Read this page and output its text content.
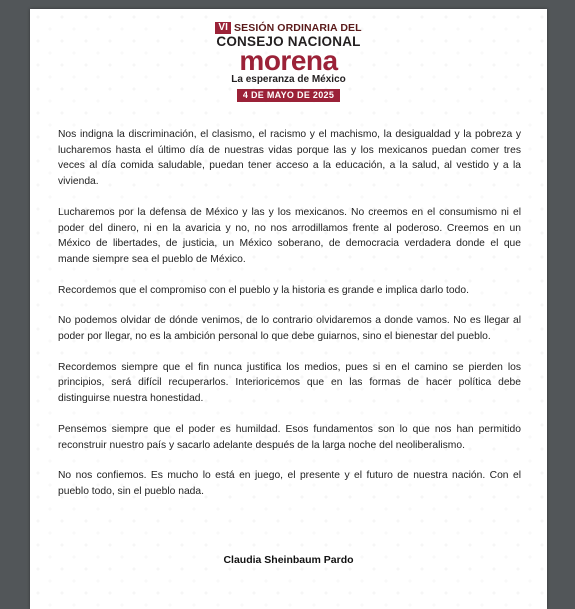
VI SESIÓN ORDINARIA DEL
CONSEJO NACIONAL
morena
La esperanza de México
4 DE MAYO DE 2025

Nos indigna la discriminación, el clasismo, el racismo y el machismo, la desigualdad y la pobreza y lucharemos hasta el último día de nuestras vidas porque las y los mexicanos puedan comer tres veces al día comida saludable, puedan tener acceso a la educación, a la salud, al vestido y a la vivienda.

Lucharemos por la defensa de México y las y los mexicanos. No creemos en el consumismo ni el poder del dinero, ni en la avaricia y no, no nos arrodillamos frente al poderoso. Creemos en un México de libertades, de justicia, un México soberano, de democracia verdadera donde el que mande siempre sea el pueblo de México.

Recordemos que el compromiso con el pueblo y la historia es grande e implica darlo todo.

No podemos olvidar de dónde venimos, de lo contrario olvidaremos a donde vamos. No es llegar al poder por llegar, no es la ambición personal lo que debe guiarnos, sino el bienestar del pueblo.

Recordemos siempre que el fin nunca justifica los medios, pues si en el camino se pierden los principios, será difícil recuperarlos. Interioricemos que en las formas de hacer política debe distinguirse nuestra honestidad.

Pensemos siempre que el poder es humildad. Esos fundamentos son lo que nos han permitido reconstruir nuestro país y sacarlo adelante después de la larga noche del neoliberalismo.

No nos confiemos. Es mucho lo está en juego, el presente y el futuro de nuestra nación. Con el pueblo todo, sin el pueblo nada.

Claudia Sheinbaum Pardo
